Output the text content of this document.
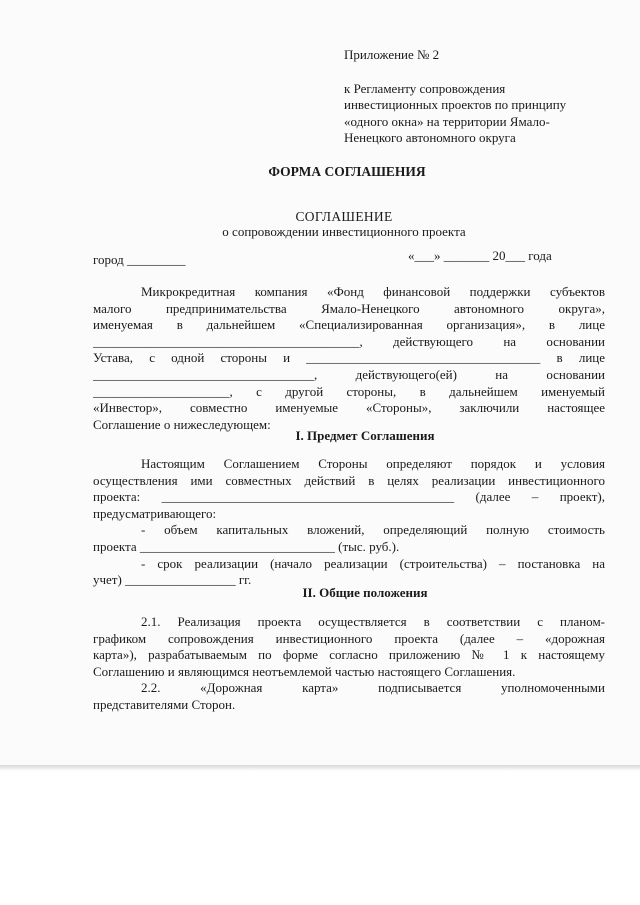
Приложение № 2

к Регламенту сопровождения

инвестиционных проектов по принципу

«одного окна» на территории Ямало-

Ненецкого автономного округа

ФОРМА СОГЛАШЕНИЯ
СОГЛАШЕНИЕ
о сопровождении инвестиционного проекта
город _________	«___» _______ 20___ года
Микрокредитная компания «Фонд финансовой поддержки субъектов
малого предпринимательства Ямало-Ненецкого автономного округа»,
именуемая в дальнейшем «Специализированная организация», в лице
_________________________________________, действующего на основании
Устава, с одной стороны и ____________________________________ в лице
__________________________________, действующего(ей) на основании
_____________________, с другой стороны, в дальнейшем именуемый
«Инвестор», совместно именуемые «Стороны», заключили настоящее
Соглашение о нижеследующем:
I. Предмет Соглашения
Настоящим Соглашением Стороны определяют порядок и условия
осуществления ими совместных действий в целях реализации инвестиционного
проекта: _____________________________________________ (далее – проект),
предусматривающего:
- объем капитальных вложений, определяющий полную стоимость
проекта ______________________________ (тыс. руб.).
- срок реализации (начало реализации (строительства) – постановка на
учет) _________________ гг.
II. Общие положения
2.1. Реализация проекта осуществляется в соответствии с планом-
графиком сопровождения инвестиционного проекта (далее – «дорожная
карта»), разрабатываемым по форме согласно приложению № 1 к настоящему
Соглашению и являющимся неотъемлемой частью настоящего Соглашения.
2.2. «Дорожная карта» подписывается уполномоченными
представителями Сторон.
